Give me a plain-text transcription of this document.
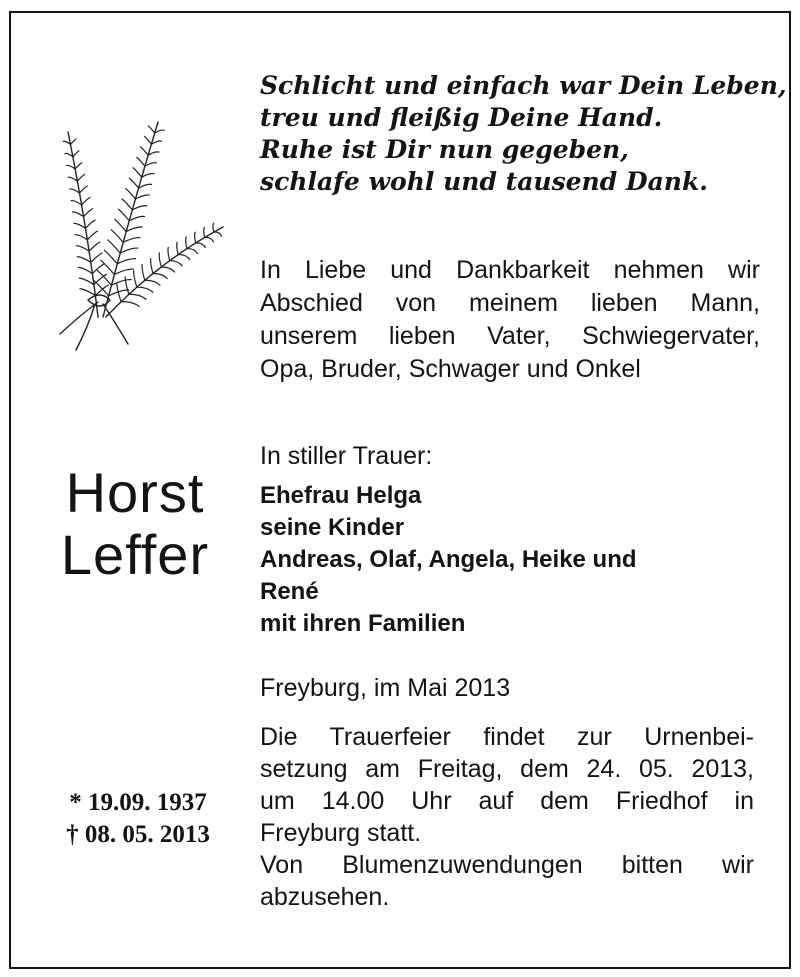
Schlicht und einfach war Dein Leben,
treu und fleißig Deine Hand.
Ruhe ist Dir nun gegeben,
schlafe wohl und tausend Dank.
In Liebe und Dankbarkeit nehmen wir
Abschied von meinem lieben Mann,
unserem lieben Vater, Schwiegervater,
Opa, Bruder, Schwager und Onkel
Horst
Leffer
* 19.09. 1937
† 08. 05. 2013
In stiller Trauer:
Ehefrau Helga
seine Kinder
Andreas, Olaf, Angela, Heike und
René
mit ihren Familien
Freyburg, im Mai 2013
Die Trauerfeier findet zur Urnenbei-
setzung am Freitag, dem 24. 05. 2013,
um 14.00 Uhr auf dem Friedhof in
Freyburg statt.
Von Blumenzuwendungen bitten wir
abzusehen.
